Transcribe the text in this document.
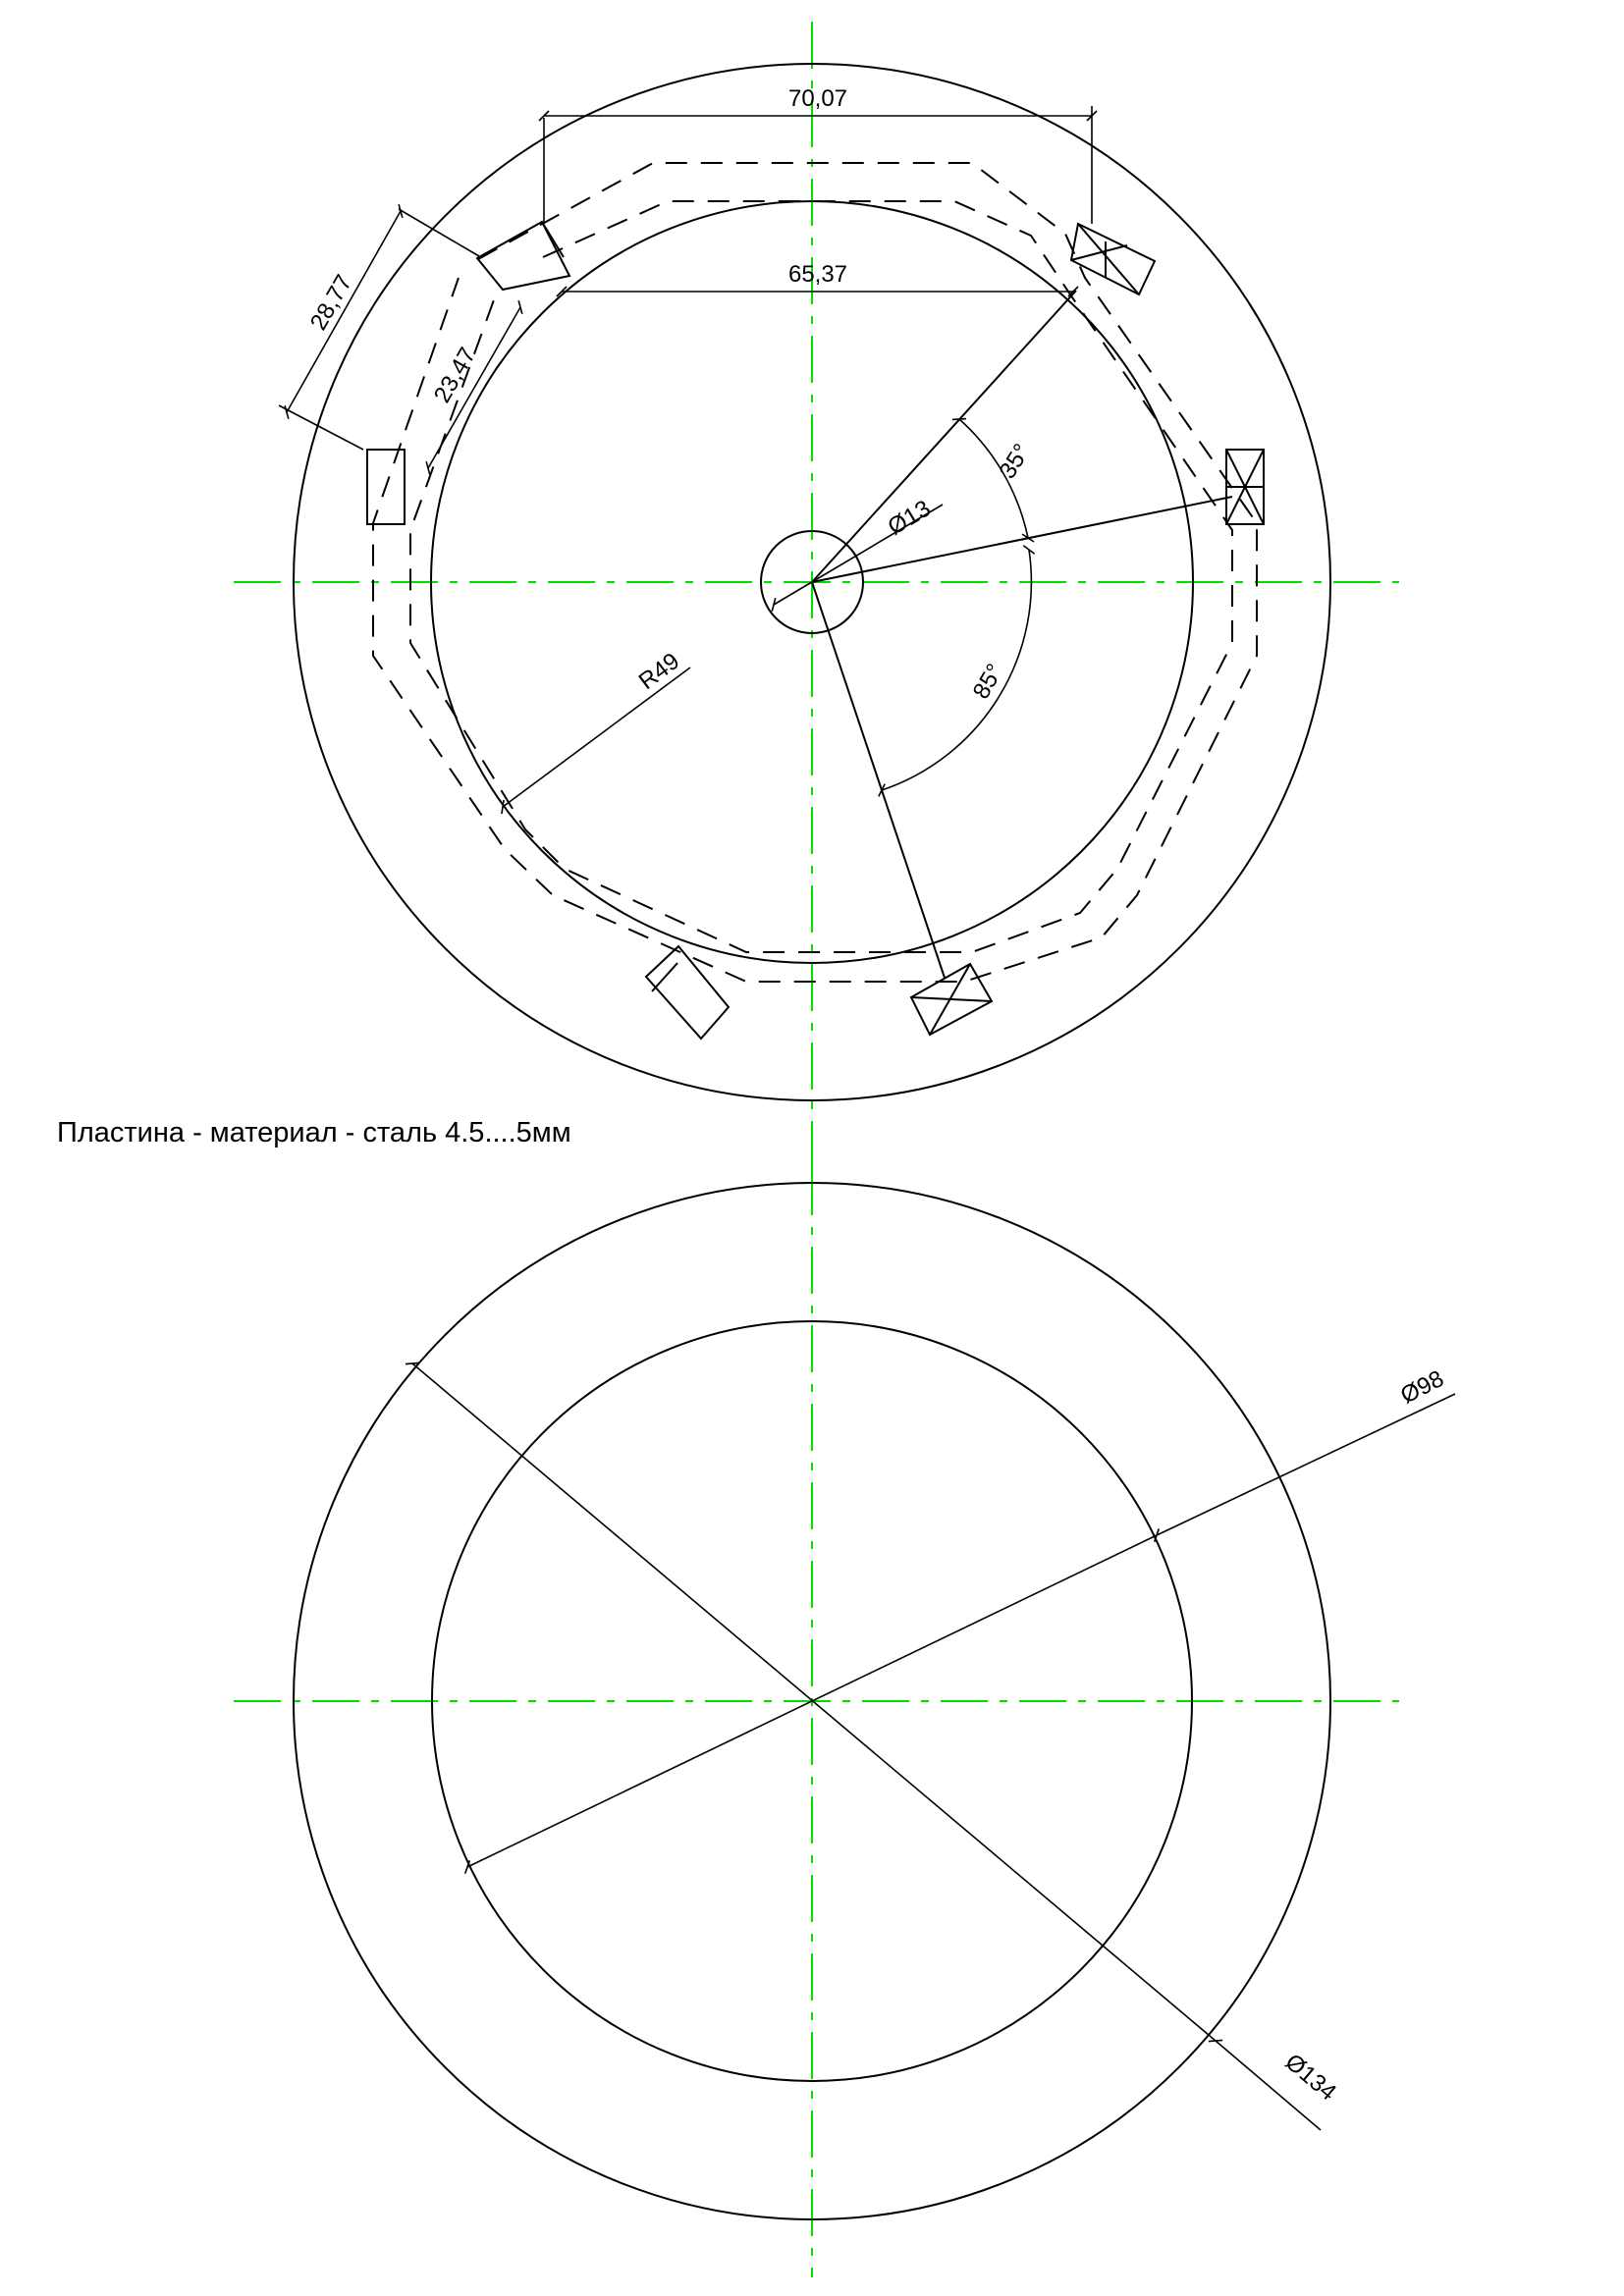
70,07
65,37
28,77
23,47
Ø13
35°
85°
R49
Ø98
Ø134

Пластина - материал - сталь 4.5....5мм
